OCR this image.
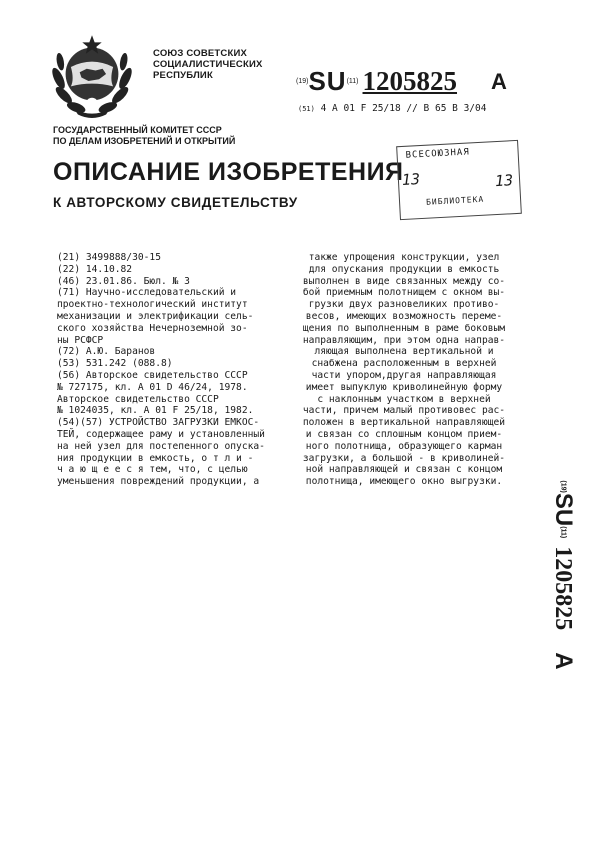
СОЮЗ СОВЕТСКИХ
СОЦИАЛИСТИЧЕСКИХ
РЕСПУБЛИК
(19)SU(11) 1205825 A
(51) 4 A 01 F 25/18 // B 65 B 3/04
ГОСУДАРСТВЕННЫЙ КОМИТЕТ СССР
ПО ДЕЛАМ ИЗОБРЕТЕНИЙ И ОТКРЫТИЙ
ОПИСАНИЕ ИЗОБРЕТЕНИЯ
К АВТОРСКОМУ СВИДЕТЕЛЬСТВУ
ВСЕСОЮЗНАЯ
13	13
БИБЛИОТЕКА
(21) 3499888/30-15
(22) 14.10.82
(46) 23.01.86. Бюл. № 3
(71) Научно-исследовательский и
проектно-технологический институт
механизации и электрификации сель-
ского хозяйства Нечерноземной зо-
ны РСФСР
(72) А.Ю. Баранов
(53) 531.242 (088.8)
(56) Авторское свидетельство СССР
№ 727175, кл. А 01 D 46/24, 1978.
Авторское свидетельство СССР
№ 1024035, кл. А 01 F 25/18, 1982.
(54)(57) УСТРОЙСТВО ЗАГРУЗКИ ЕМКОС-
ТЕЙ, содержащее раму и установленный
на ней узел для постепенного опуска-
ния продукции в емкость, о т л и -
ч а ю щ е е с я тем, что, с целью
уменьшения повреждений продукции, а
также упрощения конструкции, узел
для опускания продукции в емкость
выполнен в виде связанных между со-
бой приемным полотнищем с окном вы-
грузки двух разновеликих противо-
весов, имеющих возможность переме-
щения по выполненным в раме боковым
направляющим, при этом одна направ-
ляющая выполнена вертикальной и
снабжена расположенным в верхней
части упором,другая направляющая
имеет выпуклую криволинейную форму
с наклонным участком в верхней
части, причем малый противовес рас-
положен в вертикальной направляющей
и связан со сплошным концом прием-
ного полотнища, образующего карман
загрузки, а большой - в криволиней-
ной направляющей и связан с концом
полотнища, имеющего окно выгрузки.	(19)SU(11)1205825A
